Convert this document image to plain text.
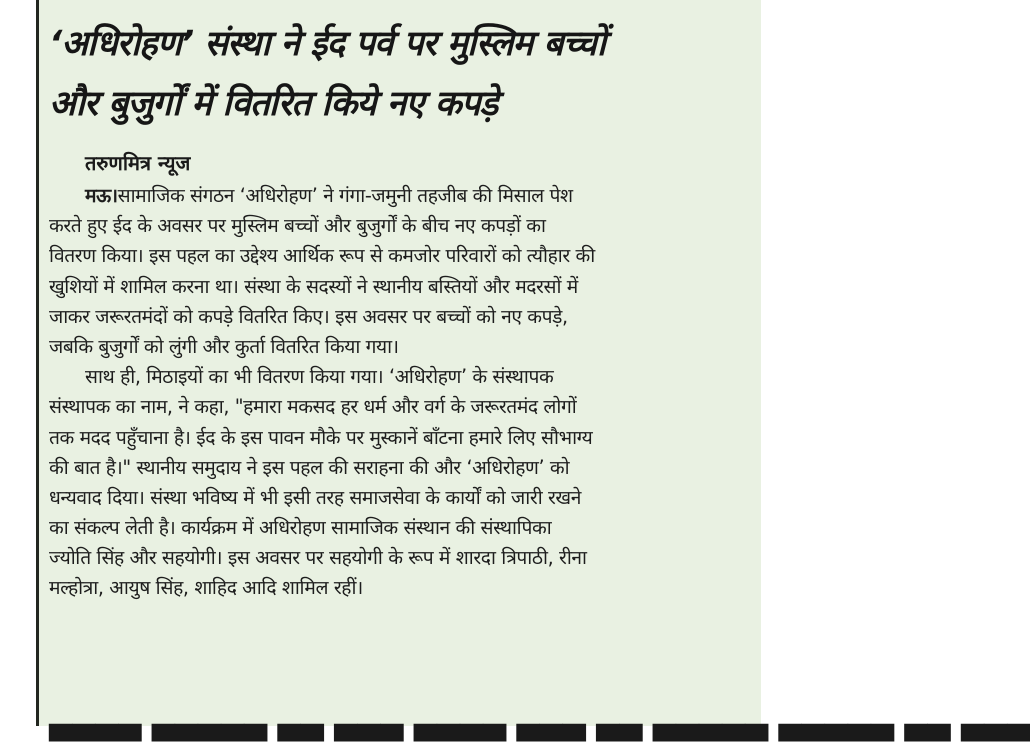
‘अधिरोहण’ संस्था ने ईद पर्व पर मुस्लिम बच्चों
और बुजुर्गों में वितरित किये नए कपड़े

तरुणमित्र न्यूज

मऊ।सामाजिक संगठन ‘अधिरोहण’ ने गंगा-जमुनी तहजीब की मिसाल पेश
करते हुए ईद के अवसर पर मुस्लिम बच्चों और बुजुर्गों के बीच नए कपड़ों का
वितरण किया। इस पहल का उद्देश्य आर्थिक रूप से कमजोर परिवारों को त्यौहार की
खुशियों में शामिल करना था। संस्था के सदस्यों ने स्थानीय बस्तियों और मदरसों में
जाकर जरूरतमंदों को कपड़े वितरित किए। इस अवसर पर बच्चों को नए कपड़े,
जबकि बुजुर्गों को लुंगी और कुर्ता वितरित किया गया।
साथ ही, मिठाइयों का भी वितरण किया गया। ‘अधिरोहण’ के संस्थापक
संस्थापक का नाम, ने कहा, "हमारा मकसद हर धर्म और वर्ग के जरूरतमंद लोगों
तक मदद पहुँचाना है। ईद के इस पावन मौके पर मुस्कानें बाँटना हमारे लिए सौभाग्य
की बात है।" स्थानीय समुदाय ने इस पहल की सराहना की और ‘अधिरोहण’ को
धन्यवाद दिया। संस्था भविष्य में भी इसी तरह समाजसेवा के कार्यों को जारी रखने
का संकल्प लेती है। कार्यक्रम में अधिरोहण सामाजिक संस्थान की संस्थापिका
ज्योति सिंह और सहयोगी। इस अवसर पर सहयोगी के रूप में शारदा त्रिपाठी, रीना
मल्होत्रा, आयुष सिंह, शाहिद आदि शामिल रहीं।
▄▄▄▄ ▄▄▄▄▄ ▄▄ ▄▄▄ ▄▄▄▄ ▄▄▄ ▄▄ ▄▄▄▄▄ ▄▄▄▄▄ ▄▄ ▄▄▄
